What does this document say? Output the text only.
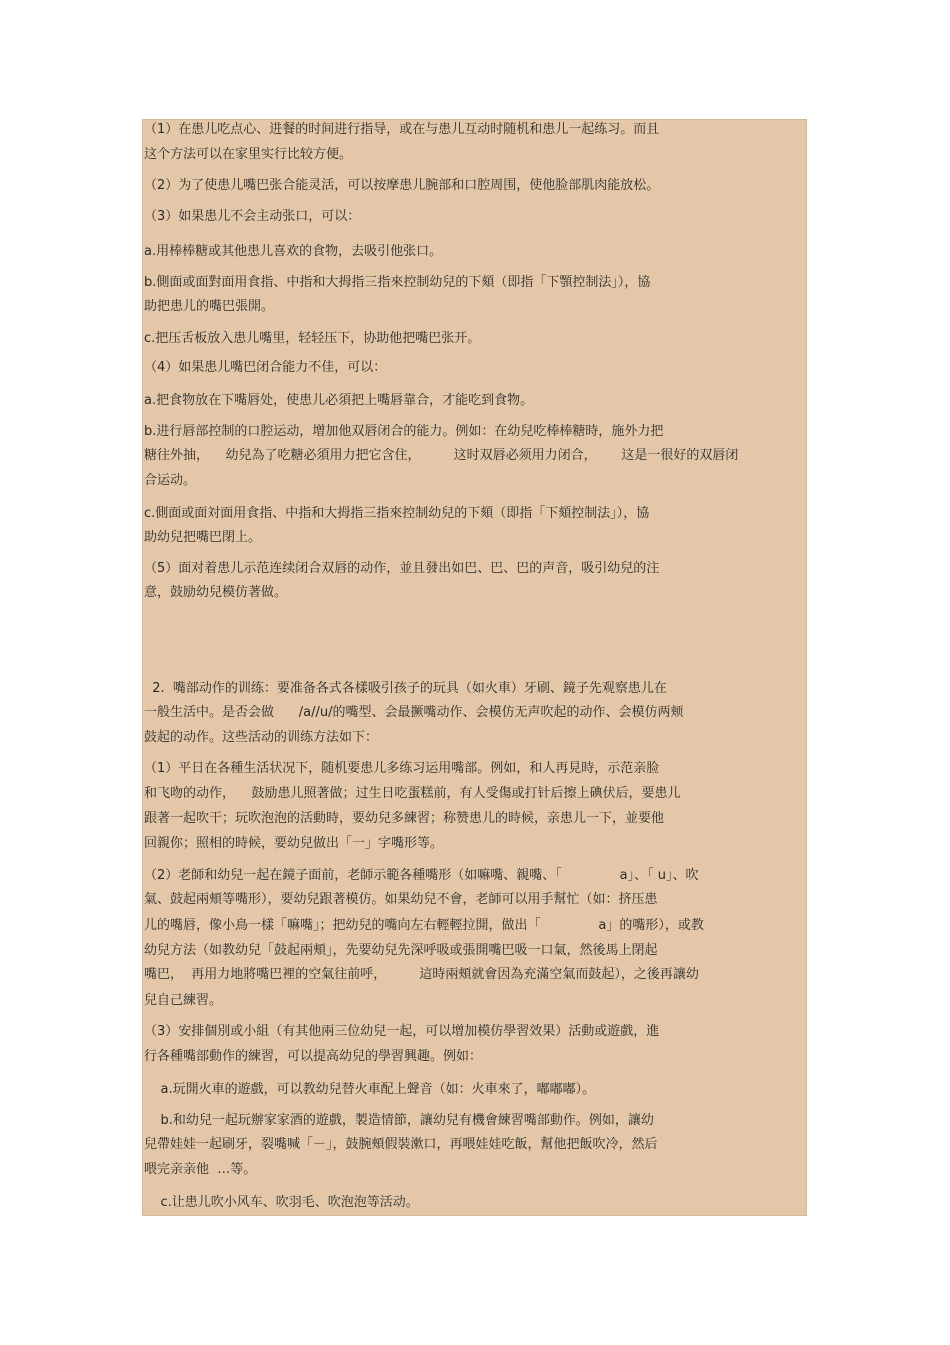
（1）在患儿吃点心、进餐的时间进行指导，或在与患儿互动时随机和患儿一起练习。而且

这个方法可以在家里实行比较方便。

（2）为了使患儿嘴巴张合能灵活，可以按摩患儿腕部和口腔周围，使他脸部肌肉能放松。

（3）如果患儿不会主动张口，可以：

a.用棒棒糖或其他患儿喜欢的食物，去吸引他张口。

b.側面或面對面用食指、中指和大拇指三指來控制幼兒的下頦（即指「下顎控制法」），協

助把患儿的嘴巴張開。

c.把压舌板放入患儿嘴里，轻轻压下，协助他把嘴巴张开。

（4）如果患儿嘴巴闭合能力不佳，可以：

a.把食物放在下嘴唇处，使患儿必須把上嘴唇靠合，才能吃到食物。

b.进行唇部控制的口腔运动，增加他双唇闭合的能力。例如：在幼兒吃棒棒糖時，施外力把

糖往外抽，    幼兒為了吃糖必須用力把它含住，        这时双唇必须用力闭合，      这是一很好的双唇闭

合运动。

c.側面或面対面用食指、中指和大拇指三指來控制幼兒的下頦（即指「下頦控制法」），協

助幼兒把嘴巴閉上。

（5）面对着患儿示范连续闭合双唇的动作，並且發出如巴、巴、巴的声音，吸引幼兒的注

意，鼓励幼兒模仿著做。

2.  嘴部动作的训练：要准备各式各樣吸引孩子的玩具（如火車）牙刷、鏡子先观察患儿在

一般生活中。是否会做      /a//u/的嘴型、会最撅嘴动作、会模仿无声吹起的动作、会模仿两颊

鼓起的动作。这些活动的训练方法如下：

（1）平日在各種生活状况下，随机要患儿多练习运用嘴部。例如，和人再見時，示范亲脸

和飞吻的动作，    鼓励患儿照著做；过生日吃蛋糕前，有人受傷或打针后擦上碘伏后，要患儿

跟著一起吹干；玩吹泡泡的活動時，要幼兒多練習；称赞患儿的時候，亲患儿一下，並要他

回親你；照相的時候，要幼兒做出「一」字嘴形等。

（2）老師和幼兒一起在鏡子面前，老師示範各種嘴形（如嘛嘴、親嘴、「              a」、「 u」、吹

氣、鼓起兩頰等嘴形），要幼兒跟著模仿。如果幼兒不會，老師可以用手幫忙（如：挤压患

儿的嘴唇，像小鳥一樣「嘛嘴」；把幼兒的嘴向左右輕輕拉開，做出「              a」的嘴形），或教

幼兒方法（如教幼兒「鼓起兩頰」，先要幼兒先深呼吸或張開嘴巴吸一口氣，然後馬上閉起

嘴巴，  再用力地將嘴巴裡的空氣往前呼，        這時兩頰就會因為充滿空氣而鼓起），之後再讓幼

兒自己練習。

（3）安排個別或小組（有其他兩三位幼兒一起，可以增加模仿學習效果）活動或遊戲，進

行各種嘴部動作的練習，可以提高幼兒的學習興趣。例如：

a.玩開火車的遊戲，可以教幼兒替火車配上聲音（如：火車來了，嘟嘟嘟）。

b.和幼兒一起玩辦家家酒的遊戲，製造情節，讓幼兒有機會練習嘴部動作。例如，讓幼

兒帶娃娃一起刷牙，裂嘴喊「－」，鼓腕頰假裝漱口，再喂娃娃吃飯，幫他把飯吹冷，然后

喂完亲亲他  …等。

c.让患儿吹小风车、吹羽毛、吹泡泡等活动。
